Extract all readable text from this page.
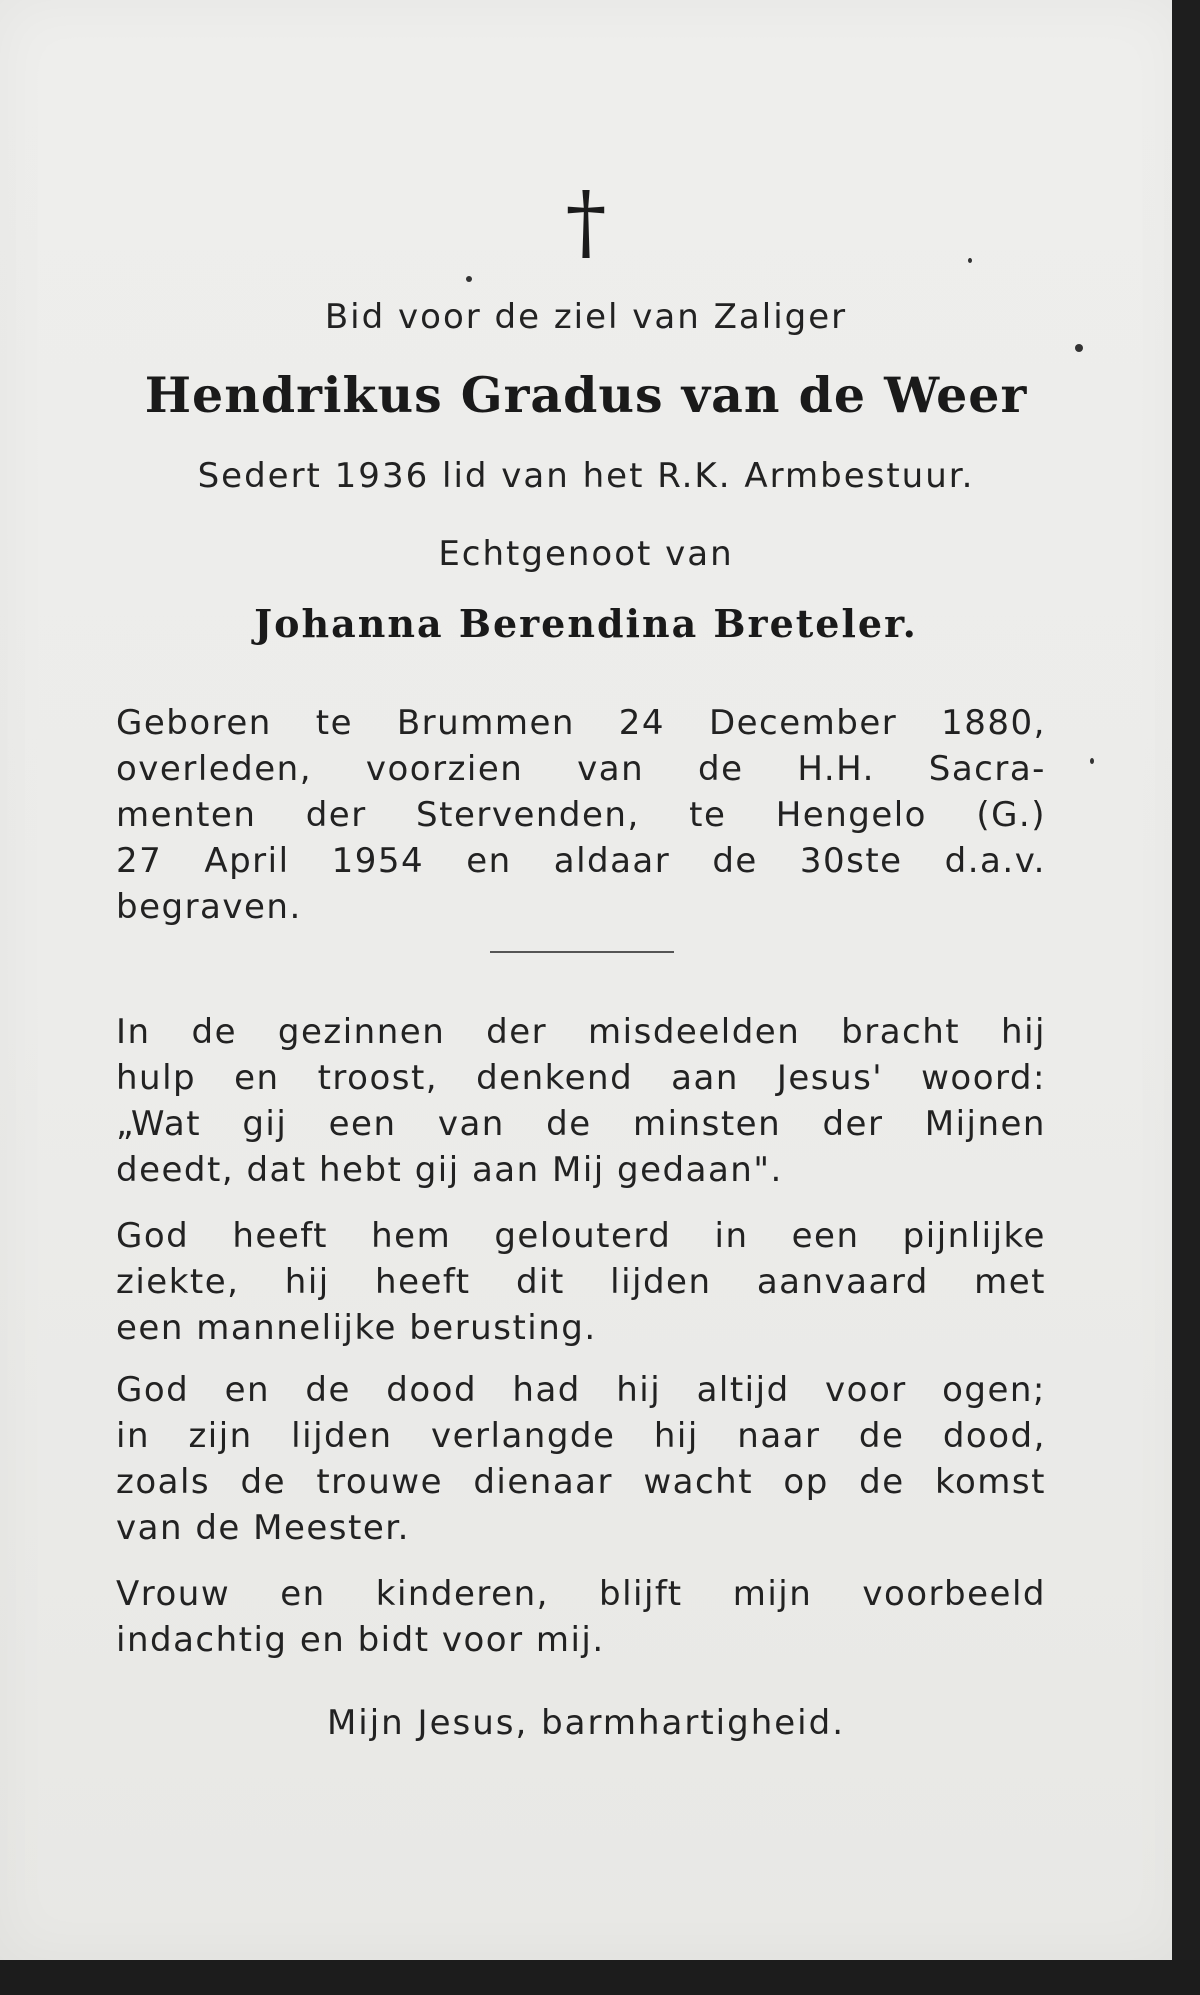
†
Bid voor de ziel van Zaliger
Hendrikus Gradus van de Weer
Sedert 1936 lid van het R.K. Armbestuur.
Echtgenoot van
Johanna Berendina Breteler.
Geboren te Brummen 24 December 1880,
overleden, voorzien van de H.H. Sacra-
menten der Stervenden, te Hengelo (G.)
27 April 1954 en aldaar de 30ste d.a.v.
begraven.
In de gezinnen der misdeelden bracht hij
hulp en troost, denkend aan Jesus' woord:
„Wat gij een van de minsten der Mijnen
deedt, dat hebt gij aan Mij gedaan".
God heeft hem gelouterd in een pijnlijke
ziekte, hij heeft dit lijden aanvaard met
een mannelijke berusting.
God en de dood had hij altijd voor ogen;
in zijn lijden verlangde hij naar de dood,
zoals de trouwe dienaar wacht op de komst
van de Meester.
Vrouw en kinderen, blijft mijn voorbeeld
indachtig en bidt voor mij.
Mijn Jesus, barmhartigheid.
